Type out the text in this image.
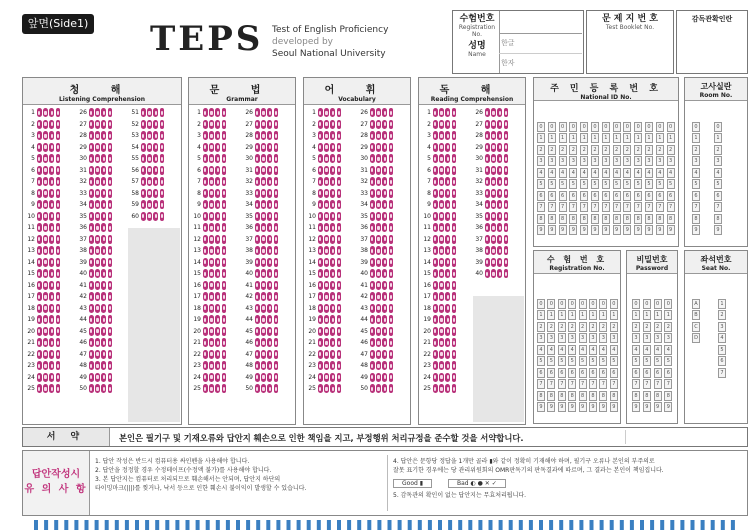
앞면(Side1) TEPS Test of English Proficiency
developed by
Seoul National University
수험번호
Registration No.
성명
Name
한글
한자
문 제 지 번 호
Test Booklet No.
감독관확인란
청 해
Listening Comprehension
1
2
3
4
5
6
7
8
9
10
11
12
13
14
15
16
17
18
19
20
21
22
23
24
25
26
27
28
29
30
31
32
33
34
35
36
37
38
39
40
41
42
43
44
45
46
47
48
49
50
51
52
53
54
55
56
57
58
59
60
문 법
Grammar
1
2
3
4
5
6
7
8
9
10
11
12
13
14
15
16
17
18
19
20
21
22
23
24
25
26
27
28
29
30
31
32
33
34
35
36
37
38
39
40
41
42
43
44
45
46
47
48
49
50
어 휘
Vocabulary
1
2
3
4
5
6
7
8
9
10
11
12
13
14
15
16
17
18
19
20
21
22
23
24
25
26
27
28
29
30
31
32
33
34
35
36
37
38
39
40
41
42
43
44
45
46
47
48
49
50
독 해
Reading Comprehension
1
2
3
4
5
6
7
8
9
10
11
12
13
14
15
16
17
18
19
20
21
22
23
24
25
26
27
28
29
30
31
32
33
34
35
36
37
38
39
40
주 민 등 록 번 호
National ID No.
0
1
2
3
4
5
6
7
8
9
0
1
2
3
4
5
6
7
8
9
0
1
2
3
4
5
6
7
8
9
0
1
2
3
4
5
6
7
8
9
0
1
2
3
4
5
6
7
8
9
0
1
2
3
4
5
6
7
8
9
0
1
2
3
4
5
6
7
8
9
0
1
2
3
4
5
6
7
8
9
0
1
2
3
4
5
6
7
8
9
0
1
2
3
4
5
6
7
8
9
0
1
2
3
4
5
6
7
8
9
0
1
2
3
4
5
6
7
8
9
0
1
2
3
4
5
6
7
8
9
고사실란
Room No.
0
1
2
3
4
5
6
7
8
9
0
1
2
3
4
5
6
7
8
9
수 험 번 호
Registration No.
0
1
2
3
4
5
6
7
8
9
0
1
2
3
4
5
6
7
8
9
0
1
2
3
4
5
6
7
8
9
0
1
2
3
4
5
6
7
8
9
0
1
2
3
4
5
6
7
8
9
0
1
2
3
4
5
6
7
8
9
0
1
2
3
4
5
6
7
8
9
0
1
2
3
4
5
6
7
8
9
비밀번호
Password
0
1
2
3
4
5
6
7
8
9
0
1
2
3
4
5
6
7
8
9
0
1
2
3
4
5
6
7
8
9
0
1
2
3
4
5
6
7
8
9
좌석번호
Seat No.
A
B
C
D
1
2
3
4
5
6
7
서 약	본인은 필기구 및 기재오류와 답안지 훼손으로 인한 책임을 지고, 부정행위 처리규정을 준수할 것을 서약합니다.
답안작성시
유 의 사 항
1. 답안 작성은 반드시 컴퓨터용 싸인펜을 사용해야 합니다.
2. 답안을 정정할 경우 수정테이프(수정액 불가)를 사용해야 합니다.
3. 본 답안지는 컴퓨터로 처리되므로 훼손해서는 안되며, 답안지 하단의
타이밍마크(|||)를 찢거나, 낙서 등으로 인한 훼손시 불이익이 발생할 수 있습니다.
4. 답안은 문항당 정답을 1개만 골라 ▮와 같이 정확히 기재해야 하며, 필기구 오류나 본인의 부주의로
잘못 표기한 경우에는 당 관리위원회의 OMR판독기의 판독결과에 따르며, 그 결과는 본인이 책임집니다.
Good ▮	Bad ◐ ● ✕ ✓
5. 감독관의 확인이 없는 답안지는 무효처리됩니다.
